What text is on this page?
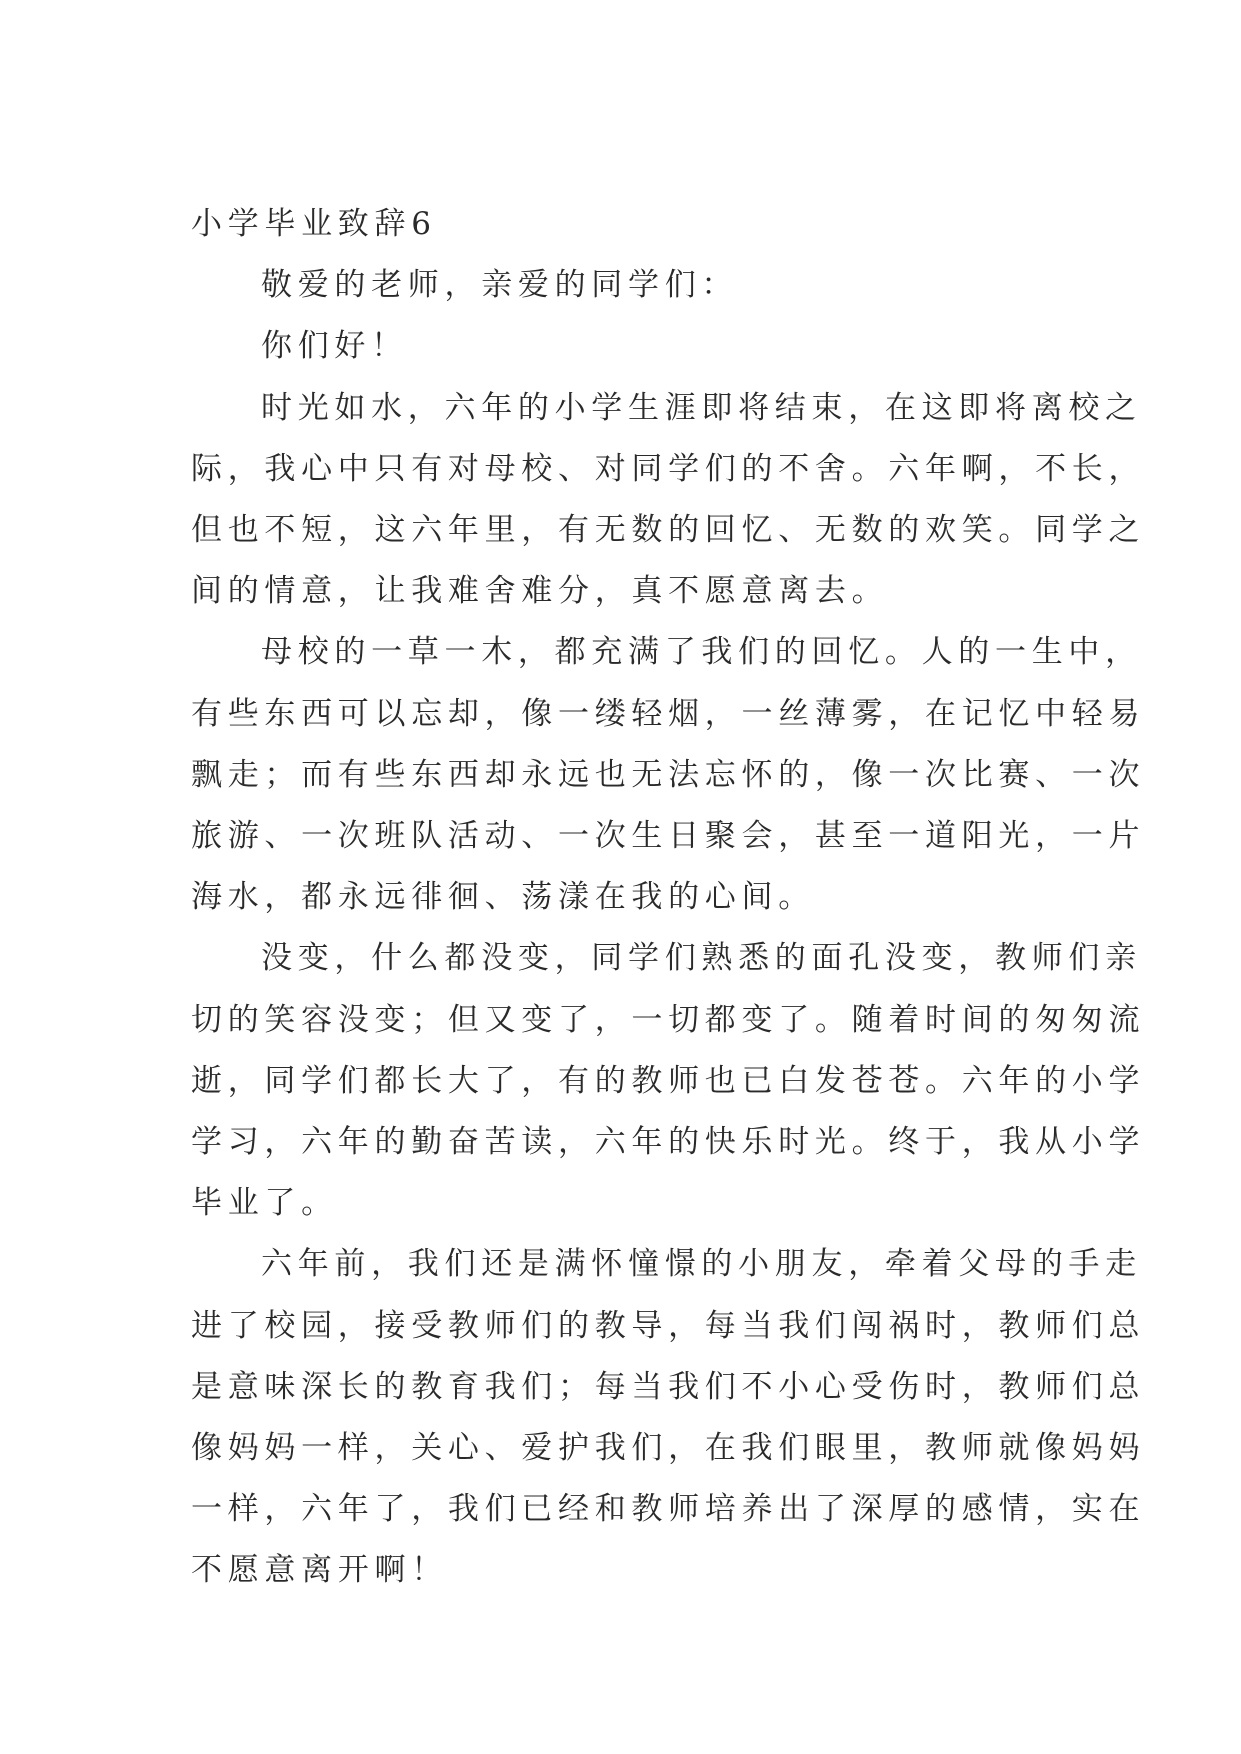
小学毕业致辞6
敬爱的老师，亲爱的同学们：
你们好！
时光如水，六年的小学生涯即将结束，在这即将离校之
际，我心中只有对母校、对同学们的不舍。六年啊，不长，
但也不短，这六年里，有无数的回忆、无数的欢笑。同学之
间的情意，让我难舍难分，真不愿意离去。
母校的一草一木，都充满了我们的回忆。人的一生中，
有些东西可以忘却，像一缕轻烟，一丝薄雾，在记忆中轻易
飘走；而有些东西却永远也无法忘怀的，像一次比赛、一次
旅游、一次班队活动、一次生日聚会，甚至一道阳光，一片
海水，都永远徘徊、荡漾在我的心间。
没变，什么都没变，同学们熟悉的面孔没变，教师们亲
切的笑容没变；但又变了，一切都变了。随着时间的匆匆流
逝，同学们都长大了，有的教师也已白发苍苍。六年的小学
学习，六年的勤奋苦读，六年的快乐时光。终于，我从小学
毕业了。
六年前，我们还是满怀憧憬的小朋友，牵着父母的手走
进了校园，接受教师们的教导，每当我们闯祸时，教师们总
是意味深长的教育我们；每当我们不小心受伤时，教师们总
像妈妈一样，关心、爱护我们，在我们眼里，教师就像妈妈
一样，六年了，我们已经和教师培养出了深厚的感情，实在
不愿意离开啊！
